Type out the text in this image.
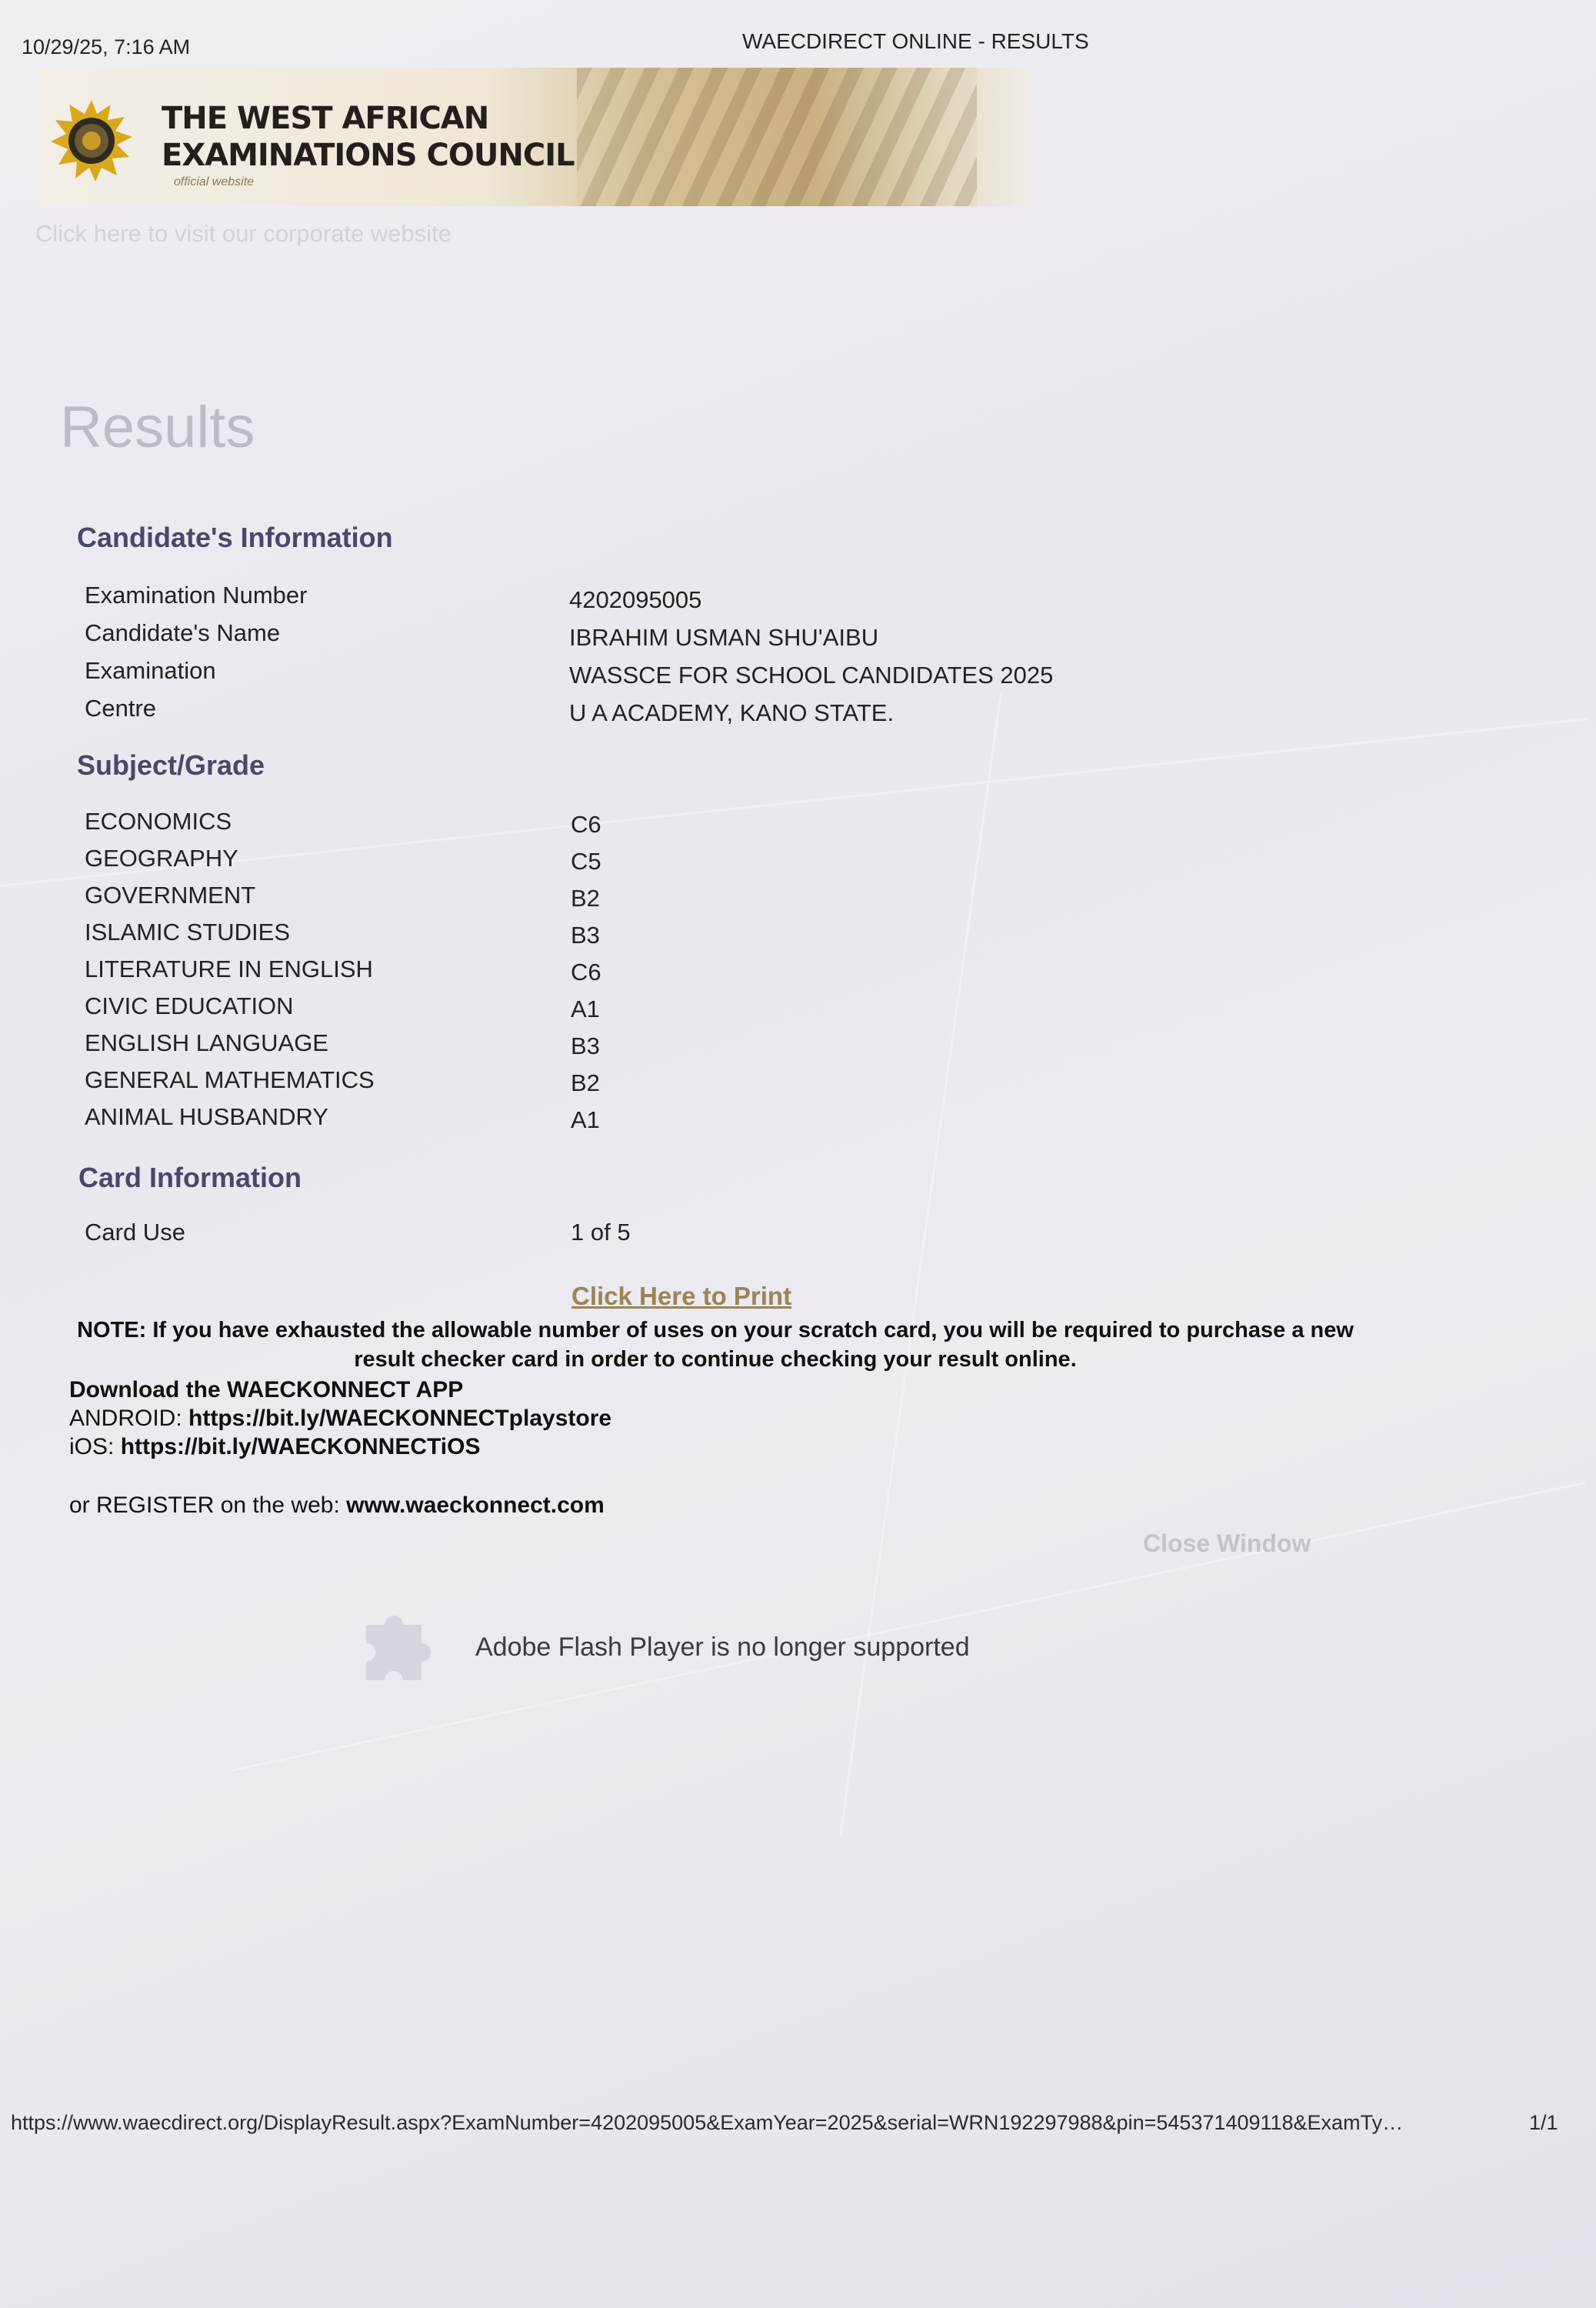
10/29/25, 7:16 AM	WAECDIRECT ONLINE - RESULTS
THE WEST AFRICAN
EXAMINATIONS COUNCIL
official website
Click here to visit our corporate website
Results
Candidate's Information
Examination Number	4202095005
Candidate's Name	IBRAHIM USMAN SHU'AIBU
Examination	WASSCE FOR SCHOOL CANDIDATES 2025
Centre	U A ACADEMY, KANO STATE.
Subject/Grade
ECONOMICS	C6
GEOGRAPHY	C5
GOVERNMENT	B2
ISLAMIC STUDIES	B3
LITERATURE IN ENGLISH	C6
CIVIC EDUCATION	A1
ENGLISH LANGUAGE	B3
GENERAL MATHEMATICS	B2
ANIMAL HUSBANDRY	A1
Card Information
Card Use	1 of 5
Click Here to Print
NOTE: If you have exhausted the allowable number of uses on your scratch card, you will be required to purchase a new result checker card in order to continue checking your result online.
Download the WAECKONNECT APP
ANDROID: https://bit.ly/WAECKONNECTplaystore
iOS: https://bit.ly/WAECKONNECTiOS
or REGISTER on the web: www.waeckonnect.com
Close Window
Adobe Flash Player is no longer supported
https://www.waecdirect.org/DisplayResult.aspx?ExamNumber=4202095005&ExamYear=2025&serial=WRN192297988&pin=545371409118&ExamTy…	1/1
